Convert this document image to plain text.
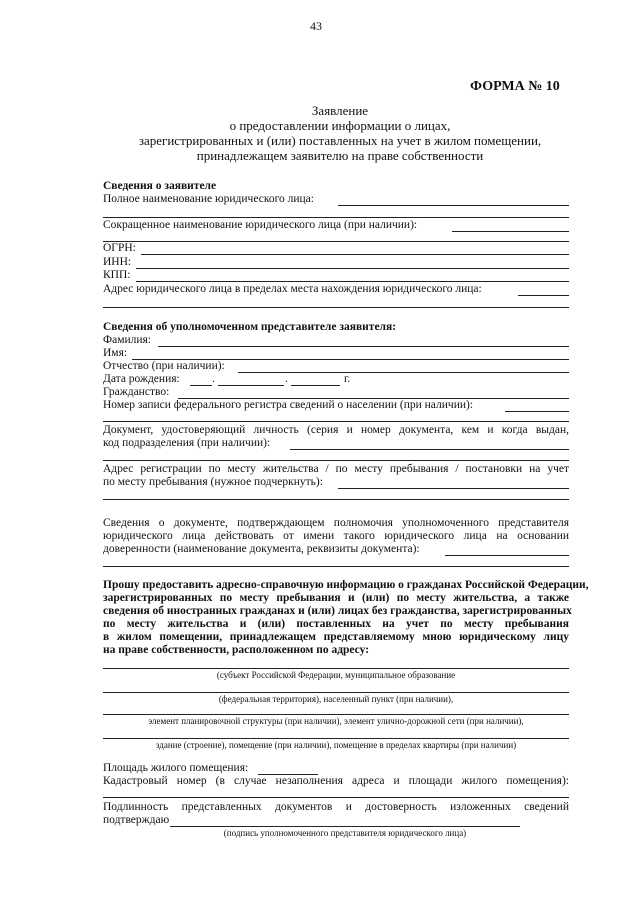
43
ФОРМА № 10
Заявление
о предоставлении информации о лицах,
зарегистрированных и (или) поставленных на учет в жилом помещении,
принадлежащем заявителю на праве собственности
Сведения о заявителе
Полное наименование юридического лица:
Сокращенное наименование юридического лица (при наличии):
ОГРН:
ИНН:
КПП:
Адрес юридического лица в пределах места нахождения юридического лица:
Сведения об уполномоченном представителе заявителя:
Фамилия:
Имя:
Отчество (при наличии):
Дата рождения:	.	.	г.
Гражданство:
Номер записи федерального регистра сведений о населении (при наличии):
Документ, удостоверяющий личность (серия и номер документа, кем и когда выдан,
код подразделения (при наличии):
Адрес регистрации по месту жительства / по месту пребывания / постановки на учет
по месту пребывания (нужное подчеркнуть):
Сведения о документе, подтверждающем полномочия уполномоченного представителя
юридического лица действовать от имени такого юридического лица на основании
доверенности (наименование документа, реквизиты документа):
Прошу предоставить адресно-справочную информацию о гражданах Российской Федерации,
зарегистрированных по месту пребывания и (или) по месту жительства, а также
сведения об иностранных гражданах и (или) лицах без гражданства, зарегистрированных
по месту жительства и (или) поставленных на учет по месту пребывания
в жилом помещении, принадлежащем представляемому мною юридическому лицу
на праве собственности, расположенном по адресу:
(субъект Российской Федерации, муниципальное образование
(федеральная территория), населенный пункт (при наличии),
элемент планировочной структуры (при наличии), элемент улично-дорожной сети (при наличии),
здание (строение), помещение (при наличии), помещение в пределах квартиры (при наличии)
Площадь жилого помещения:
Кадастровый номер (в случае незаполнения адреса и площади жилого помещения):
Подлинность представленных документов и достоверность изложенных сведений
подтверждаю
(подпись уполномоченного представителя юридического лица)
